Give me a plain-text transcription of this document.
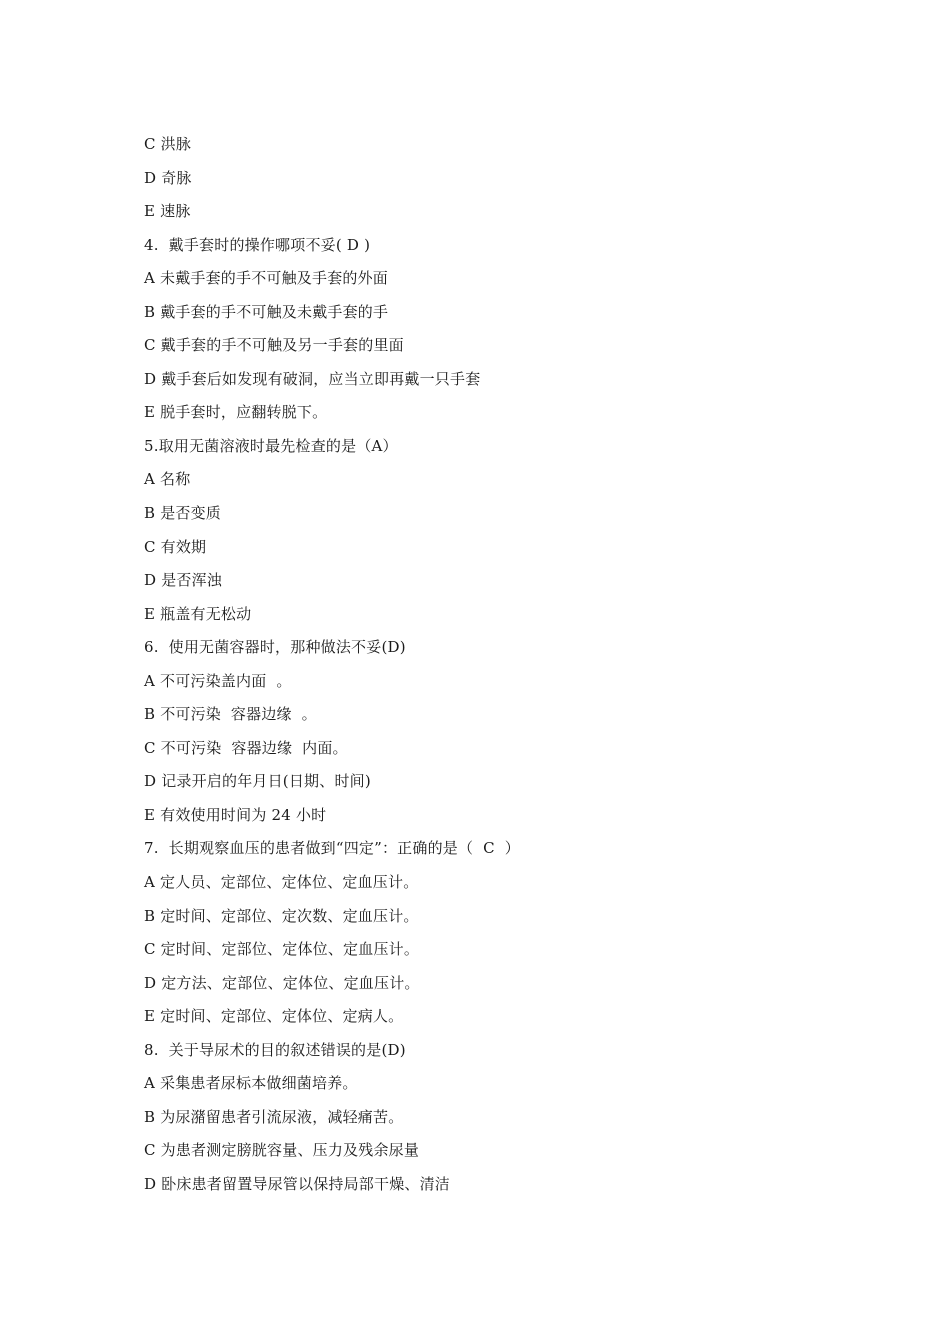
C 洪脉
D 奇脉
E 速脉
4.  戴手套时的操作哪项不妥( D )
A 未戴手套的手不可触及手套的外面
B 戴手套的手不可触及未戴手套的手
C 戴手套的手不可触及另一手套的里面
D 戴手套后如发现有破洞，应当立即再戴一只手套
E 脱手套时，应翻转脱下。
5.取用无菌溶液时最先检查的是（A）
A 名称
B 是否变质
C 有效期
D 是否浑浊
E 瓶盖有无松动
6.  使用无菌容器时，那种做法不妥(D)
A 不可污染盖内面  。
B 不可污染  容器边缘  。
C 不可污染  容器边缘  内面。
D 记录开启的年月日(日期、时间)
E 有效使用时间为 24 小时
7.  长期观察血压的患者做到“四定”：正确的是（  C  ）
A 定人员、定部位、定体位、定血压计。
B 定时间、定部位、定次数、定血压计。
C 定时间、定部位、定体位、定血压计。
D 定方法、定部位、定体位、定血压计。
E 定时间、定部位、定体位、定病人。
8.  关于导尿术的目的叙述错误的是(D)
A 采集患者尿标本做细菌培养。
B 为尿潴留患者引流尿液，减轻痛苦。
C 为患者测定膀胱容量、压力及残余尿量
D 卧床患者留置导尿管以保持局部干燥、清洁
